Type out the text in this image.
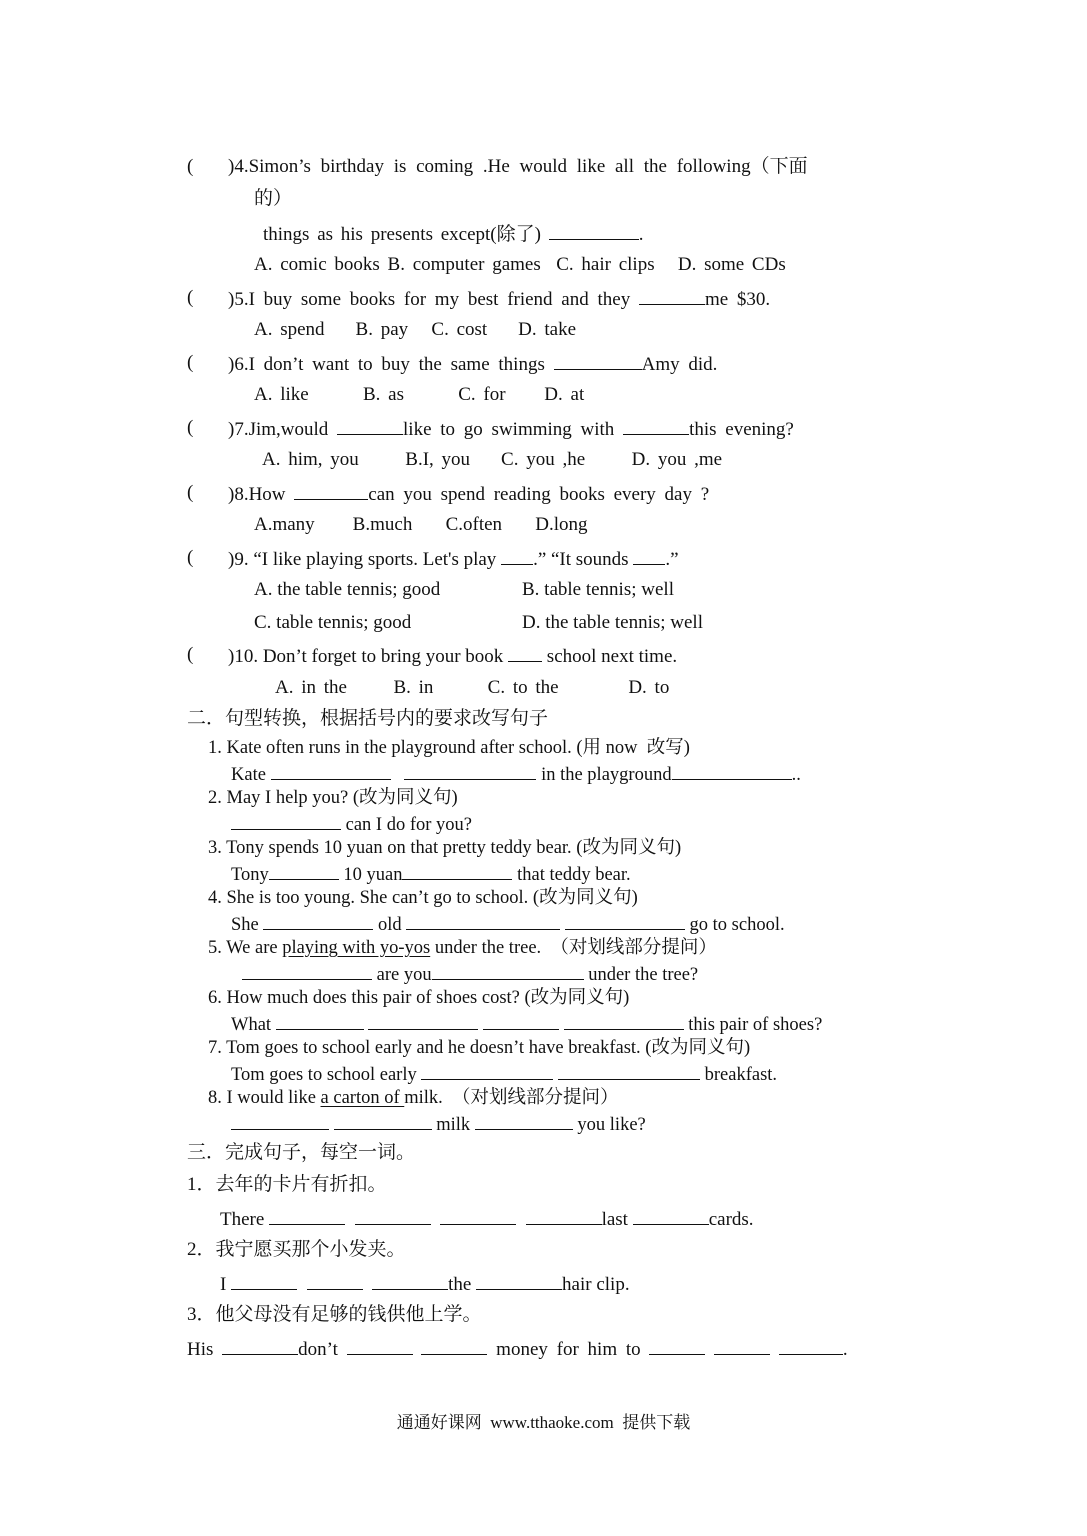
( )4.Simon’s birthday is coming .He would like all the following（下面
的）
things as his presents except(除了)	.
A. comic books B. computer games  C. hair clips   D. some CDs
( )5.I buy some books for my best friend and they	me $30.
A. spend    B. pay   C. cost    D. take
( )6.I don’t want to buy the same things	Amy did.
A. like       B. as       C. for     D. at
( )7.Jim,would	like to go swimming with	this evening?
A. him, you      B.I, you    C. you ,he      D. you ,me
( )8.How	can you spend reading books every day ?
A.many        B.much       C.often       D.long
( )9. “I like playing sports. Let's play .” “It sounds .”
A. the table tennis; good	B. table tennis; well
C. table tennis; good	D. the table tennis; well
( )10. Don’t forget to bring your book  school next time.
A. in the      B. in       C. to the         D. to
二．句型转换，根据括号内的要求改写句子
1. Kate often runs in the playground after school. (用 now  改写)
Kate	in the playground	..
2. May I help you? (改为同义句)
can I do for you?
3. Tony spends 10 yuan on that pretty teddy bear. (改为同义句)
Tony	10 yuan	that teddy bear.
4. She is too young. She can’t go to school. (改为同义句)
She	old	go to school.
5. We are playing with yo-yos under the tree.  （对划线部分提问）
are you	under the tree?
6. How much does this pair of shoes cost? (改为同义句)
What	this pair of shoes?
7. Tom goes to school early and he doesn’t have breakfast. (改为同义句)
Tom goes to school early	breakfast.
8. I would like a carton of milk.  （对划线部分提问）
milk	you like?
三．完成句子，每空一词。
1．去年的卡片有折扣。
There	last	cards.
2．我宁愿买那个小发夹。
I	the	hair clip.
3．他父母没有足够的钱供他上学。
His	don’t	money for him to	.
通通好课网  www.tthaoke.com  提供下载
